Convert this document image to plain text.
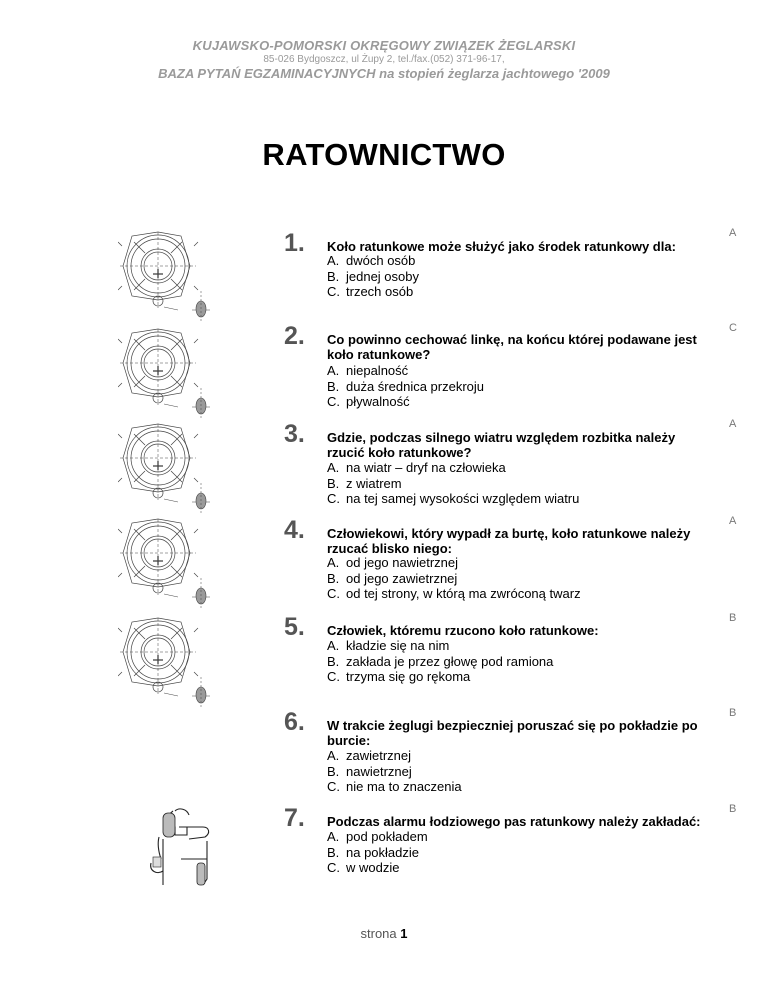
KUJAWSKO-POMORSKI OKRĘGOWY ZWIĄZEK ŻEGLARSKI
85-026 Bydgoszcz, ul Żupy 2, tel./fax.(052) 371-96-17,
BAZA PYTAŃ EGZAMINACYJNYCH na stopień żeglarza jachtowego '2009
RATOWNICTWO
1. Koło ratunkowe może służyć jako środek ratunkowy dla:
A. dwóch osób
B. jednej osoby
C. trzech osób
A
2. Co powinno cechować linkę, na końcu której podawane jest koło ratunkowe?
A. niepalność
B. duża średnica przekroju
C. pływalność
C
3. Gdzie, podczas silnego wiatru względem rozbitka należy rzucić koło ratunkowe?
A. na wiatr – dryf na człowieka
B. z wiatrem
C. na tej samej wysokości względem wiatru
A
4. Człowiekowi, który wypadł za burtę, koło ratunkowe należy rzucać blisko niego:
A. od jego nawietrznej
B. od jego zawietrznej
C. od tej strony, w którą ma zwróconą twarz
A
5. Człowiek, któremu rzucono koło ratunkowe:
A. kładzie się na nim
B. zakłada je przez głowę pod ramiona
C. trzyma się go rękoma
B
6. W trakcie żeglugi bezpieczniej poruszać się po pokładzie po burcie:
A. zawietrznej
B. nawietrznej
C. nie ma to znaczenia
B
7. Podczas alarmu łodziowego pas ratunkowy należy zakładać:
A. pod pokładem
B. na pokładzie
C. w wodzie
B
strona 1
